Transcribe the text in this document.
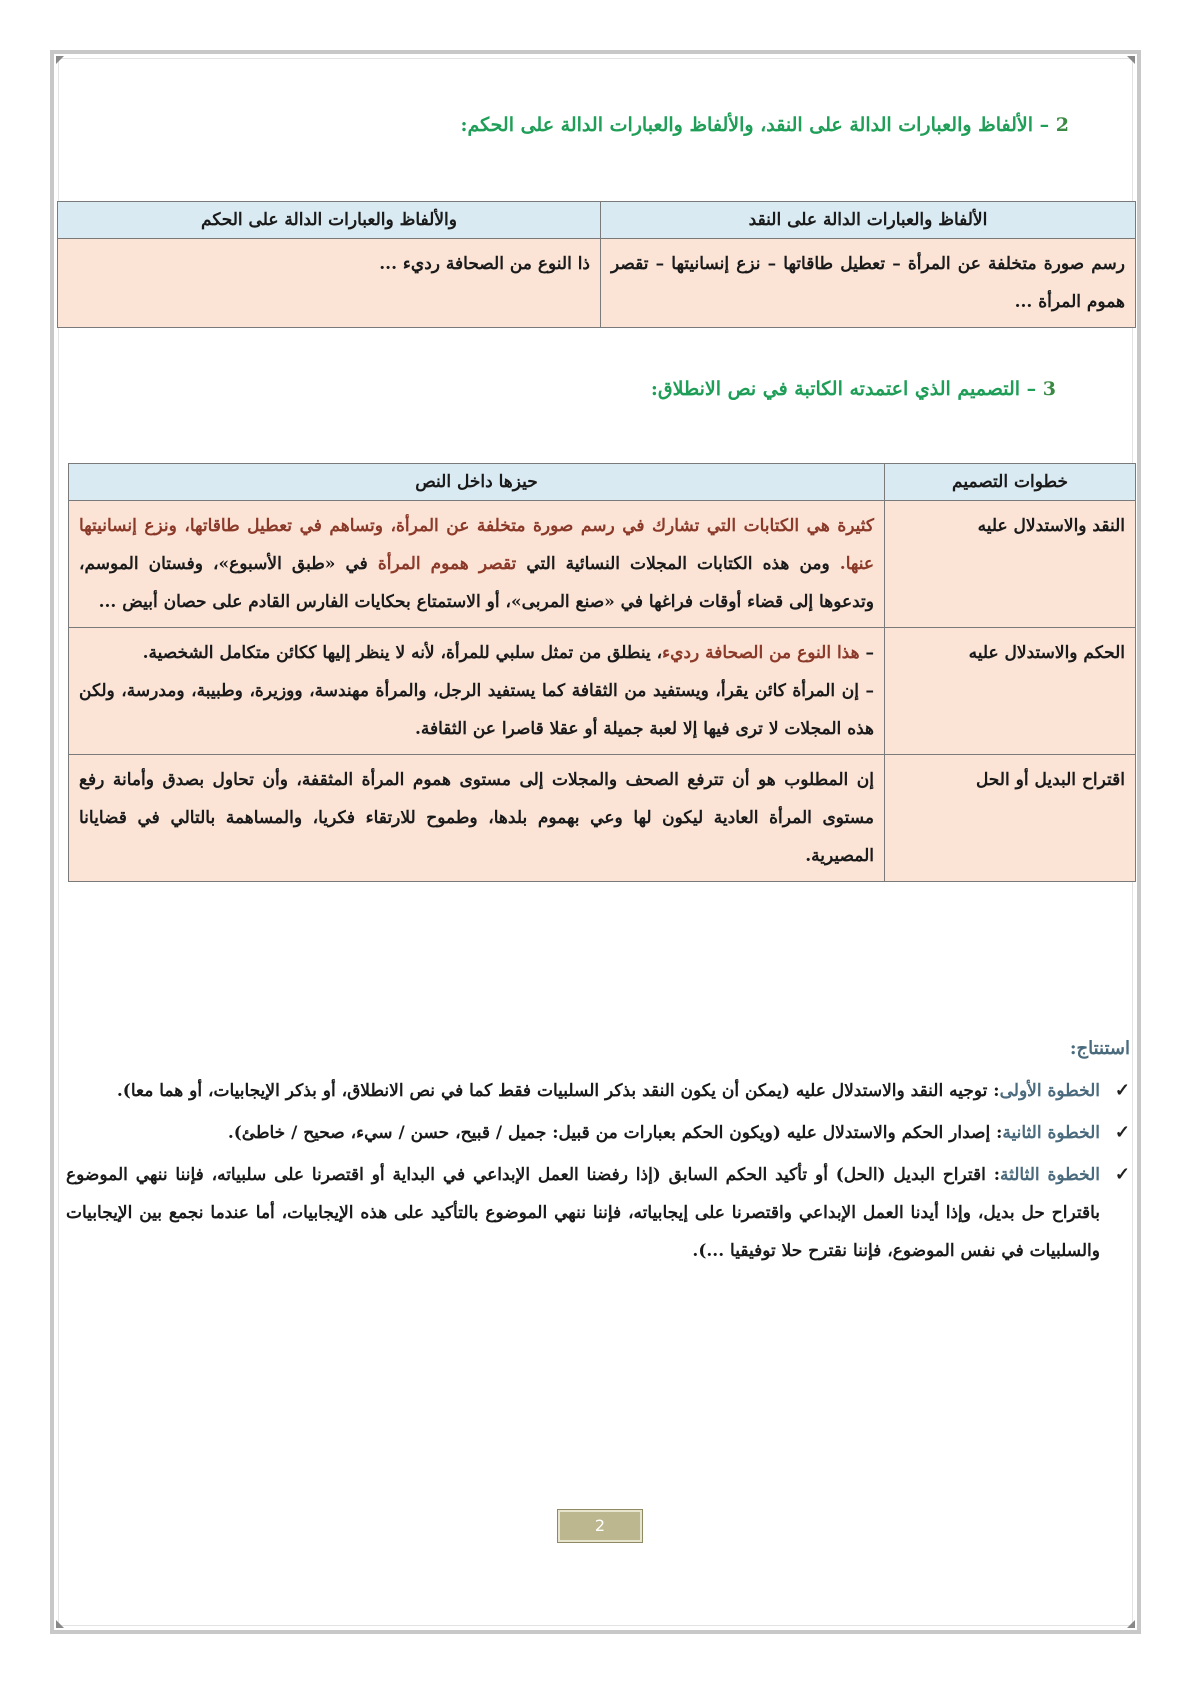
2 – الألفاظ والعبارات الدالة على النقد، والألفاظ والعبارات الدالة على الحكم:
الألفاظ والعبارات الدالة على النقد	والألفاظ والعبارات الدالة على الحكم
رسم صورة متخلفة عن المرأة – تعطيل طاقاتها – نزع إنسانيتها – تقصر هموم المرأة ...	ذا النوع من الصحافة رديء ...
3 – التصميم الذي اعتمدته الكاتبة في نص الانطلاق:
خطوات التصميم	حيزها داخل النص
النقد والاستدلال عليه	كثيرة هي الكتابات التي تشارك في رسم صورة متخلفة عن المرأة، وتساهم في تعطيل طاقاتها، ونزع إنسانيتها عنها. ومن هذه الكتابات المجلات النسائية التي تقصر هموم المرأة في «طبق الأسبوع»، وفستان الموسم، وتدعوها إلى قضاء أوقات فراغها في «صنع المربى»، أو الاستمتاع بحكايات الفارس القادم على حصان أبيض ...
الحكم والاستدلال عليه	– هذا النوع من الصحافة رديء، ينطلق من تمثل سلبي للمرأة، لأنه لا ينظر إليها ككائن متكامل الشخصية.
– إن المرأة كائن يقرأ، ويستفيد من الثقافة كما يستفيد الرجل، والمرأة مهندسة، ووزيرة، وطبيبة، ومدرسة، ولكن هذه المجلات لا ترى فيها إلا لعبة جميلة أو عقلا قاصرا عن الثقافة.

اقتراح البديل أو الحل	إن المطلوب هو أن تترفع الصحف والمجلات إلى مستوى هموم المرأة المثقفة، وأن تحاول بصدق وأمانة رفع مستوى المرأة العادية ليكون لها وعي بهموم بلدها، وطموح للارتقاء فكريا، والمساهمة بالتالي في قضايانا المصيرية.
استنتاج:
✓
الخطوة الأولى: توجيه النقد والاستدلال عليه (يمكن أن يكون النقد بذكر السلبيات فقط كما في نص الانطلاق، أو بذكر الإيجابيات، أو هما معا).
✓
الخطوة الثانية: إصدار الحكم والاستدلال عليه (ويكون الحكم بعبارات من قبيل: جميل / قبيح، حسن / سيء، صحيح / خاطئ).
✓
الخطوة الثالثة: اقتراح البديل (الحل) أو تأكيد الحكم السابق (إذا رفضنا العمل الإبداعي في البداية أو اقتصرنا على سلبياته، فإننا ننهي الموضوع باقتراح حل بديل، وإذا أيدنا العمل الإبداعي واقتصرنا على إيجابياته، فإننا ننهي الموضوع بالتأكيد على هذه الإيجابيات، أما عندما نجمع بين الإيجابيات والسلبيات في نفس الموضوع، فإننا نقترح حلا توفيقيا ...).
2
